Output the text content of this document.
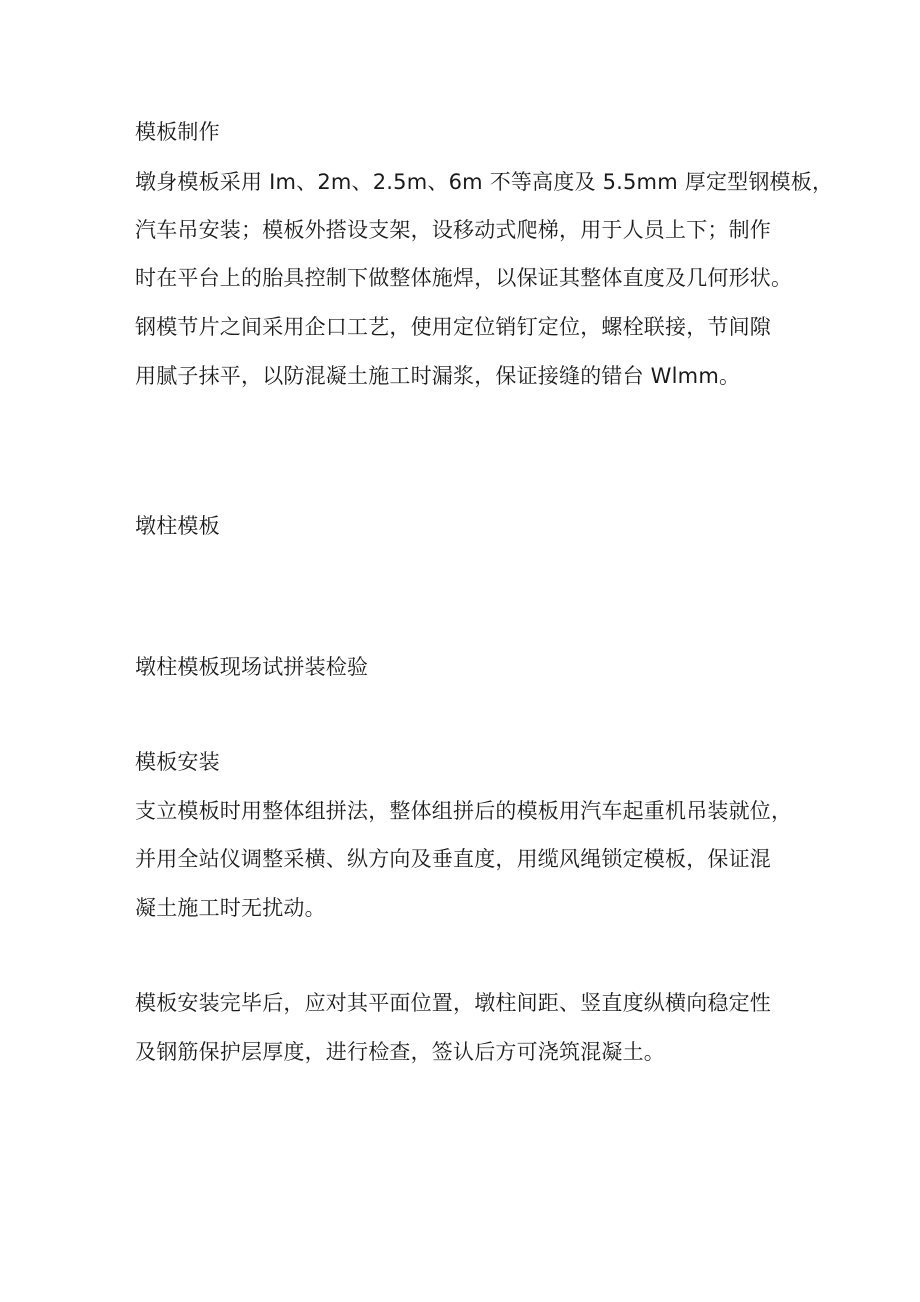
模板制作
墩身模板采用 Im、2m、2.5m、6m 不等高度及 5.5mm 厚定型钢模板，
汽车吊安装；模板外搭设支架，设移动式爬梯，用于人员上下；制作
时在平台上的胎具控制下做整体施焊，以保证其整体直度及几何形状。
钢模节片之间采用企口工艺，使用定位销钉定位，螺栓联接，节间隙
用腻子抹平，以防混凝土施工时漏浆，保证接缝的错台 Wlmm。
墩柱模板
墩柱模板现场试拼装检验
模板安装
支立模板时用整体组拼法，整体组拼后的模板用汽车起重机吊装就位，
并用全站仪调整采横、纵方向及垂直度，用缆风绳锁定模板，保证混
凝土施工时无扰动。
模板安装完毕后，应对其平面位置，墩柱间距、竖直度纵横向稳定性
及钢筋保护层厚度，进行检查，签认后方可浇筑混凝土。
